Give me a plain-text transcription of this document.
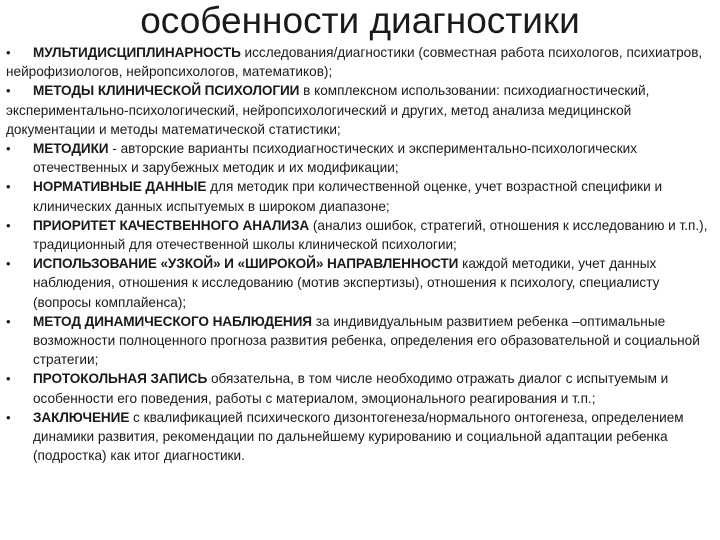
особенности диагностики

• МУЛЬТИДИСЦИПЛИНАРНОСТЬ исследования/диагностики (совместная работа психологов, психиатров, нейрофизиологов, нейропсихологов, математиков);

• МЕТОДЫ КЛИНИЧЕСКОЙ ПСИХОЛОГИИ в комплексном использовании: психодиагностический, экспериментально-психологический, нейропсихологический и других, метод анализа медицинской документации и методы математической статистики;

•	МЕТОДИКИ - авторские варианты психодиагностических и экспериментально-психологических отечественных и зарубежных методик и их модификации;

•	НОРМАТИВНЫЕ ДАННЫЕ для методик при количественной оценке, учет возрастной специфики и клинических данных испытуемых в широком диапазоне;

•	ПРИОРИТЕТ КАЧЕСТВЕННОГО АНАЛИЗА (анализ ошибок, стратегий, отношения к исследованию и т.п.), традиционный для отечественной школы клинической психологии;

•	ИСПОЛЬЗОВАНИЕ «УЗКОЙ» И «ШИРОКОЙ» НАПРАВЛЕННОСТИ каждой методики, учет данных наблюдения, отношения к исследованию (мотив экспертизы), отношения к психологу, специалисту (вопросы комплайенса);

•	МЕТОД ДИНАМИЧЕСКОГО НАБЛЮДЕНИЯ за индивидуальным развитием ребенка –оптимальные возможности полноценного прогноза развития ребенка, определения его образовательной и социальной стратегии;

•	ПРОТОКОЛЬНАЯ ЗАПИСЬ обязательна, в том числе необходимо отражать диалог с испытуемым и особенности его поведения, работы с материалом, эмоционального реагирования и т.п.;

•	ЗАКЛЮЧЕНИЕ с квалификацией психического дизонтогенеза/нормального онтогенеза, определением динамики развития, рекомендации по дальнейшему курированию и социальной адаптации ребенка (подростка) как итог диагностики.
